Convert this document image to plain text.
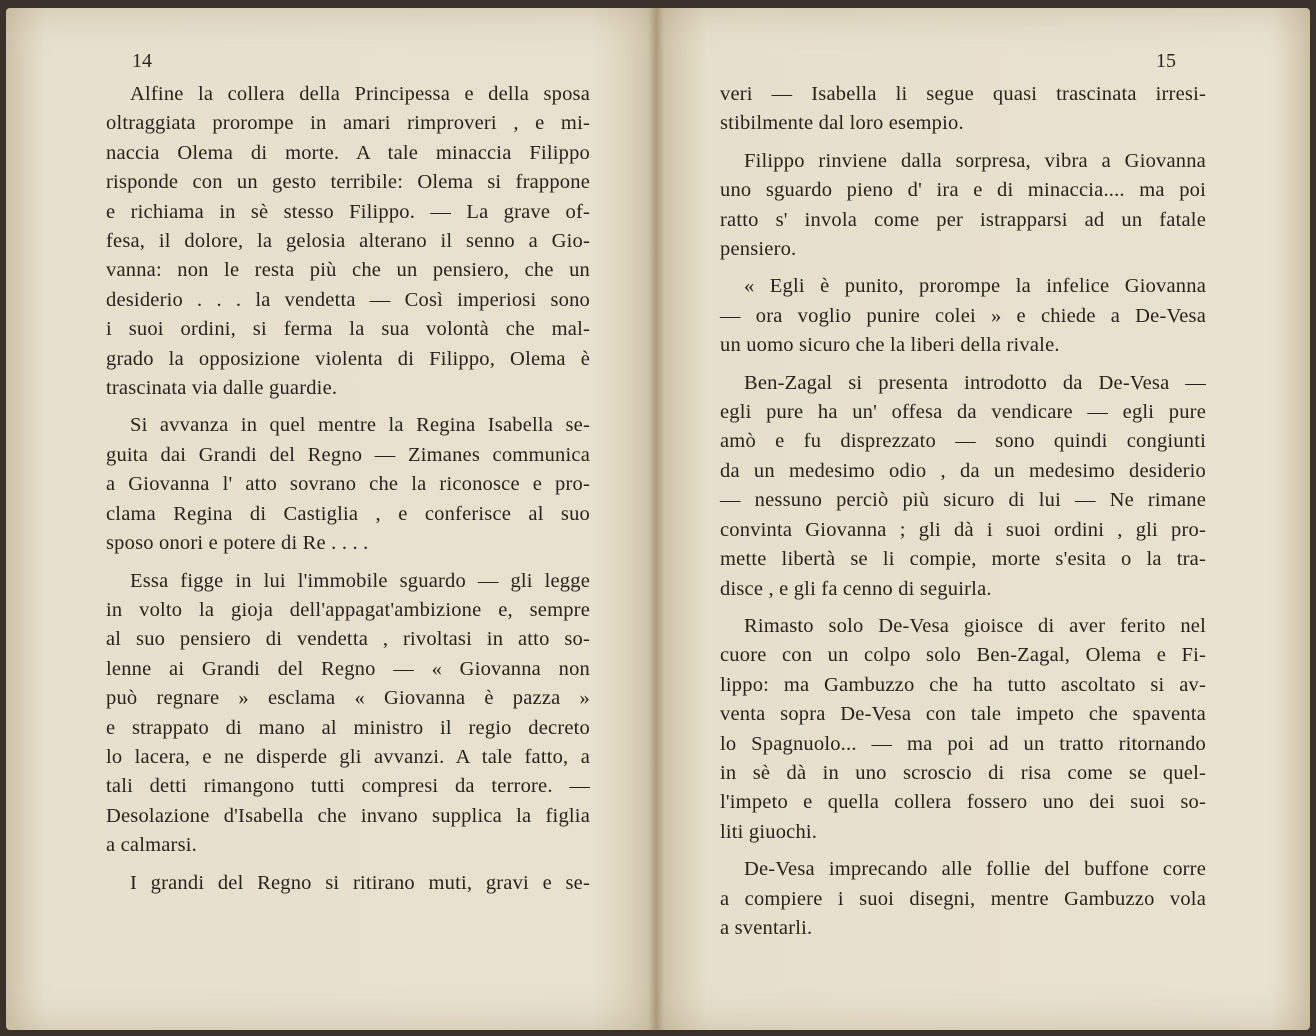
14	15
Alfine la collera della Principessa e della sposa
oltraggiata prorompe in amari rimproveri , e mi-
naccia Olema di morte. A tale minaccia Filippo
risponde con un gesto terribile: Olema si frappone
e richiama in sè stesso Filippo. — La grave of-
fesa, il dolore, la gelosia alterano il senno a Gio-
vanna: non le resta più che un pensiero, che un
desiderio . . . la vendetta — Così imperiosi sono
i suoi ordini, si ferma la sua volontà che mal-
grado la opposizione violenta di Filippo, Olema è
trascinata via dalle guardie.
Si avvanza in quel mentre la Regina Isabella se-
guita dai Grandi del Regno — Zimanes communica
a Giovanna l' atto sovrano che la riconosce e pro-
clama Regina di Castiglia , e conferisce al suo
sposo onori e potere di Re . . . .
Essa figge in lui l'immobile sguardo — gli legge
in volto la gioja dell'appagat'ambizione e, sempre
al suo pensiero di vendetta , rivoltasi in atto so-
lenne ai Grandi del Regno — « Giovanna non
può regnare » esclama « Giovanna è pazza »
e strappato di mano al ministro il regio decreto
lo lacera, e ne disperde gli avvanzi. A tale fatto, a
tali detti rimangono tutti compresi da terrore. —
Desolazione d'Isabella che invano supplica la figlia
a calmarsi.
I grandi del Regno si ritirano muti, gravi e se-
veri — Isabella li segue quasi trascinata irresi-
stibilmente dal loro esempio.
Filippo rinviene dalla sorpresa, vibra a Giovanna
uno sguardo pieno d' ira e di minaccia.... ma poi
ratto s' invola come per istrapparsi ad un fatale
pensiero.
« Egli è punito, prorompe la infelice Giovanna
— ora voglio punire colei » e chiede a De-Vesa
un uomo sicuro che la liberi della rivale.
Ben-Zagal si presenta introdotto da De-Vesa —
egli pure ha un' offesa da vendicare — egli pure
amò e fu disprezzato — sono quindi congiunti
da un medesimo odio , da un medesimo desiderio
— nessuno perciò più sicuro di lui — Ne rimane
convinta Giovanna ; gli dà i suoi ordini , gli pro-
mette libertà se li compie, morte s'esita o la tra-
disce , e gli fa cenno di seguirla.
Rimasto solo De-Vesa gioisce di aver ferito nel
cuore con un colpo solo Ben-Zagal, Olema e Fi-
lippo: ma Gambuzzo che ha tutto ascoltato si av-
venta sopra De-Vesa con tale impeto che spaventa
lo Spagnuolo... — ma poi ad un tratto ritornando
in sè dà in uno scroscio di risa come se quel-
l'impeto e quella collera fossero uno dei suoi so-
liti giuochi.
De-Vesa imprecando alle follie del buffone corre
a compiere i suoi disegni, mentre Gambuzzo vola
a sventarli.
